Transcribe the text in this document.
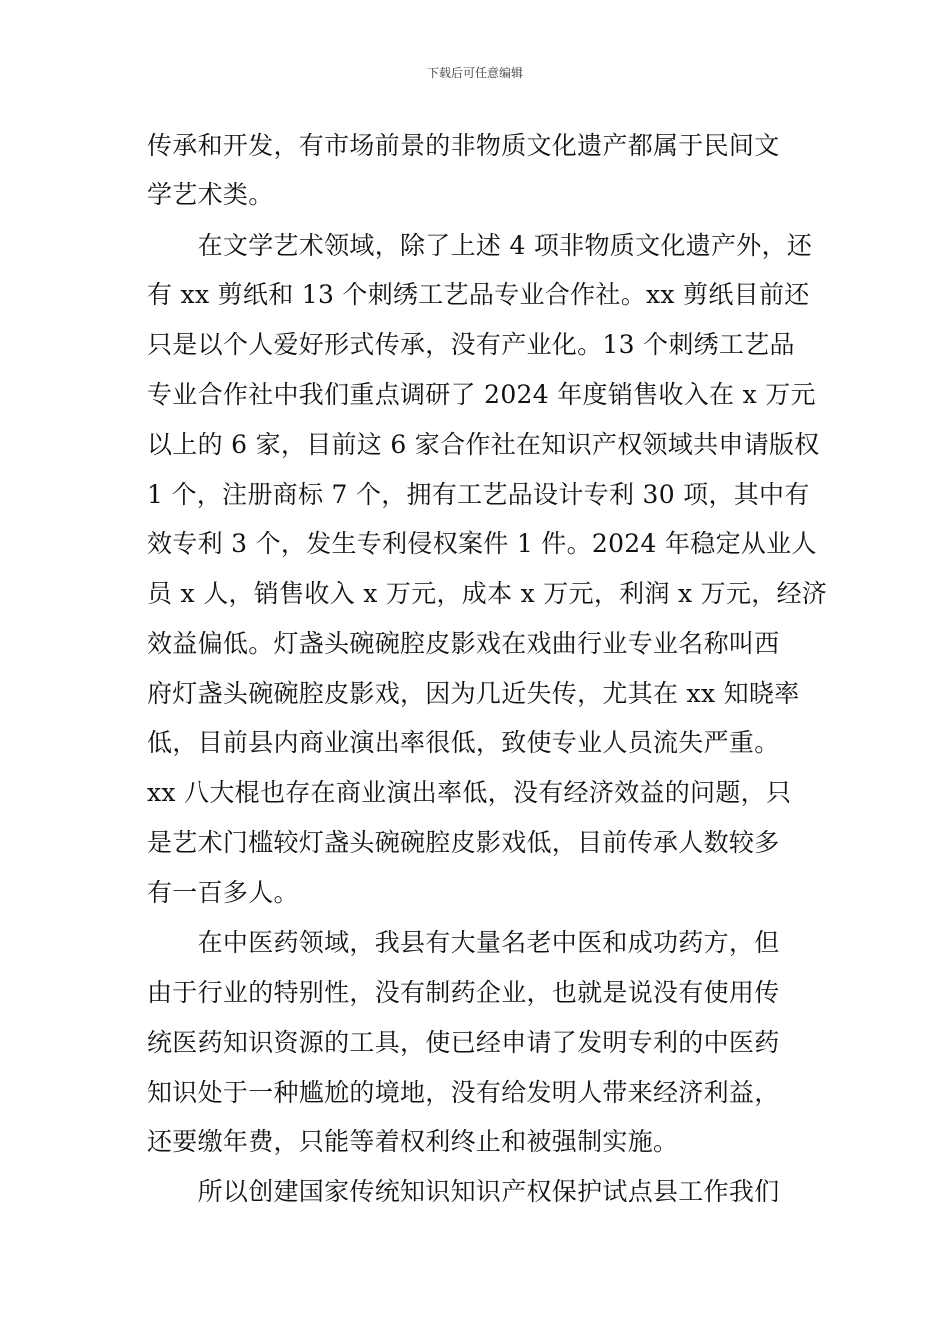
下载后可任意编辑
传承和开发，有市场前景的非物质文化遗产都属于民间文
学艺术类。
　　在文学艺术领域，除了上述 4 项非物质文化遗产外，还
有 xx 剪纸和 13 个刺绣工艺品专业合作社。xx 剪纸目前还
只是以个人爱好形式传承，没有产业化。13 个刺绣工艺品
专业合作社中我们重点调研了 2024 年度销售收入在 x 万元
以上的 6 家，目前这 6 家合作社在知识产权领域共申请版权
1 个，注册商标 7 个，拥有工艺品设计专利 30 项，其中有
效专利 3 个，发生专利侵权案件 1 件。2024 年稳定从业人
员 x 人，销售收入 x 万元，成本 x 万元，利润 x 万元，经济
效益偏低。灯盏头碗碗腔皮影戏在戏曲行业专业名称叫西
府灯盏头碗碗腔皮影戏，因为几近失传，尤其在 xx 知晓率
低，目前县内商业演出率很低，致使专业人员流失严重。
xx 八大棍也存在商业演出率低，没有经济效益的问题，只
是艺术门槛较灯盏头碗碗腔皮影戏低，目前传承人数较多
有一百多人。
　　在中医药领域，我县有大量名老中医和成功药方，但
由于行业的特别性，没有制药企业，也就是说没有使用传
统医药知识资源的工具，使已经申请了发明专利的中医药
知识处于一种尴尬的境地，没有给发明人带来经济利益，
还要缴年费，只能等着权利终止和被强制实施。
　　所以创建国家传统知识知识产权保护试点县工作我们
